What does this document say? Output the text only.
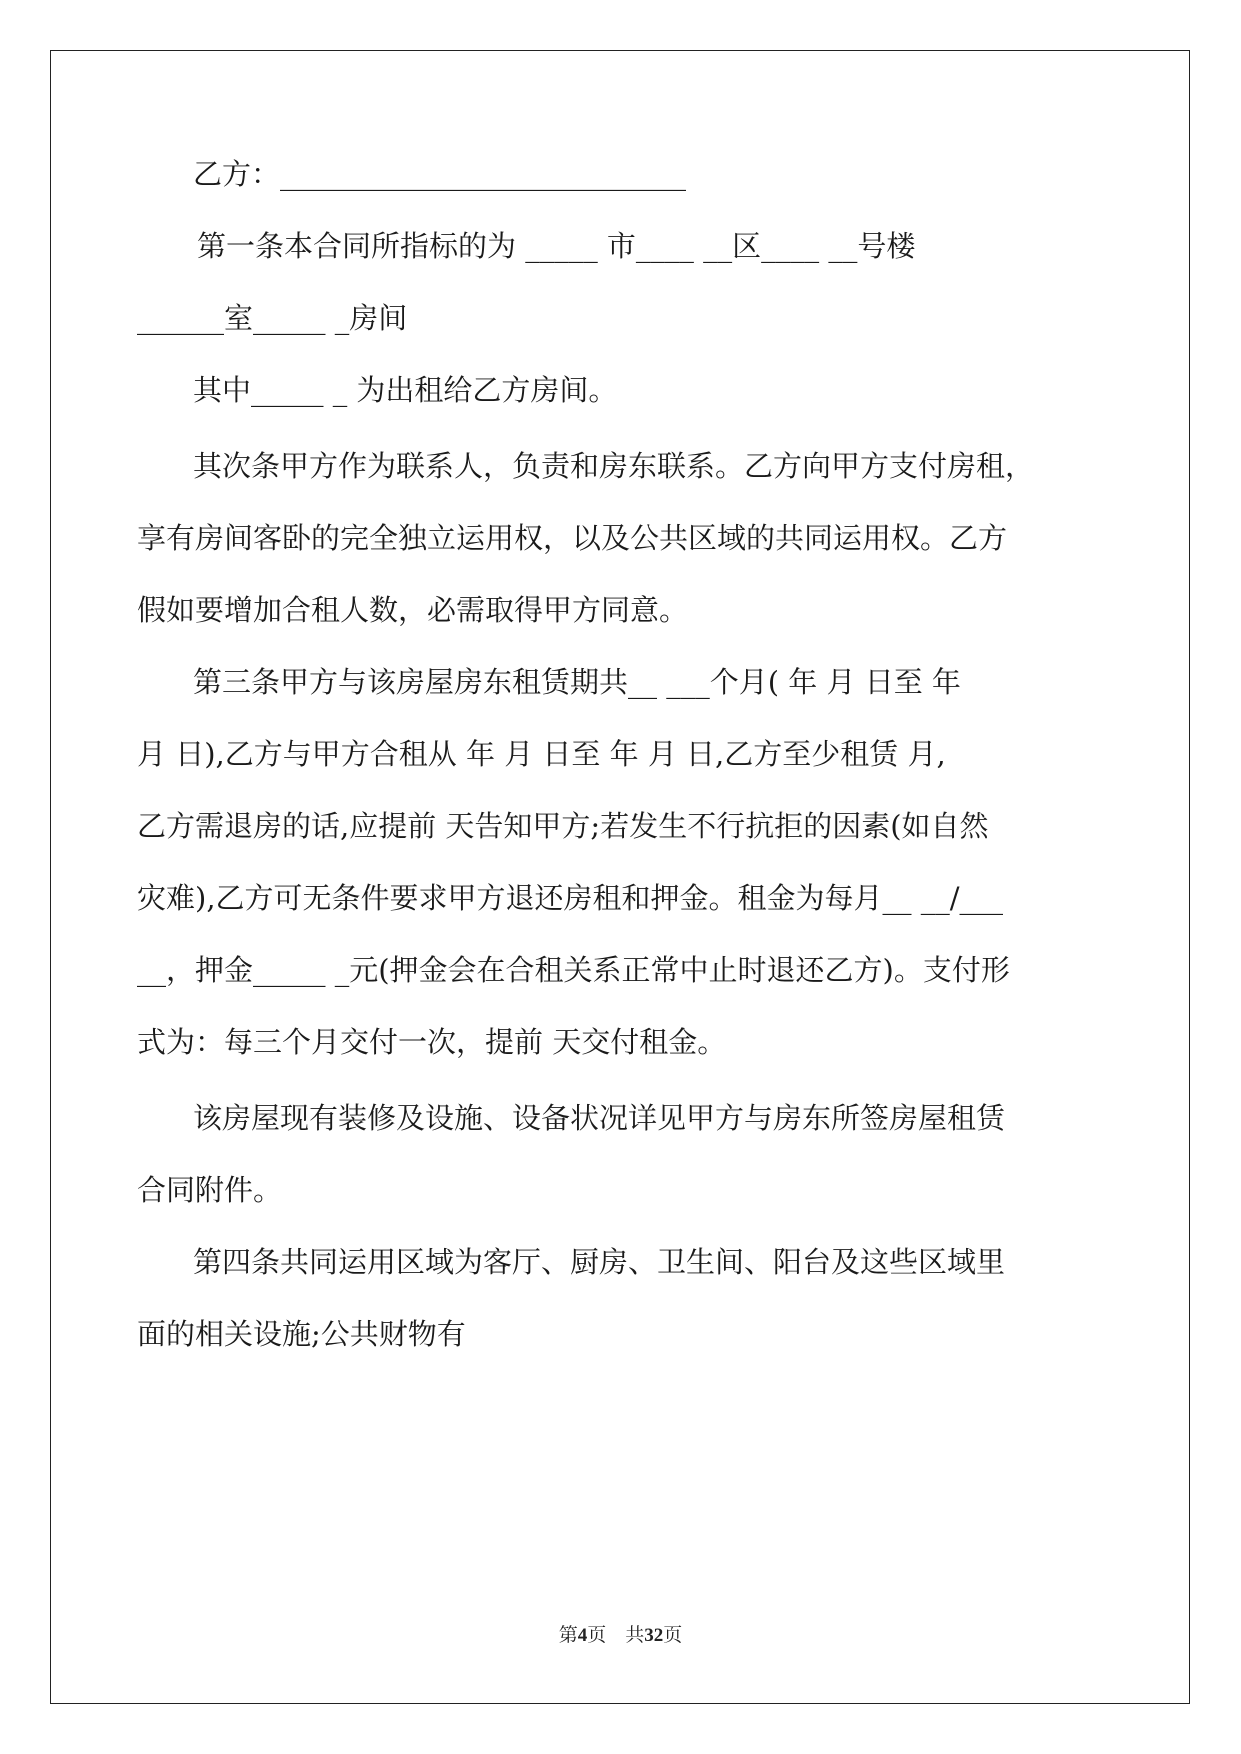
乙方：____________________________
第一条本合同所指标的为 _____ 市____ __区____ __号楼
______室_____ _房间
其中_____ _ 为出租给乙方房间。
其次条甲方作为联系人，负责和房东联系。乙方向甲方支付房租，
享有房间客卧的完全独立运用权，以及公共区域的共同运用权。乙方
假如要增加合租人数，必需取得甲方同意。
第三条甲方与该房屋房东租赁期共__ ___个月( 年 月 日至 年
月 日),乙方与甲方合租从 年 月 日至 年 月 日,乙方至少租赁 月,
乙方需退房的话,应提前 天告知甲方;若发生不行抗拒的因素(如自然
灾难),乙方可无条件要求甲方退还房租和押金。租金为每月__ __/___
__，押金_____ _元(押金会在合租关系正常中止时退还乙方)。支付形
式为：每三个月交付一次，提前 天交付租金。
该房屋现有装修及设施、设备状况详见甲方与房东所签房屋租赁
合同附件。
第四条共同运用区域为客厅、厨房、卫生间、阳台及这些区域里
面的相关设施;公共财物有
第4页　共32页
